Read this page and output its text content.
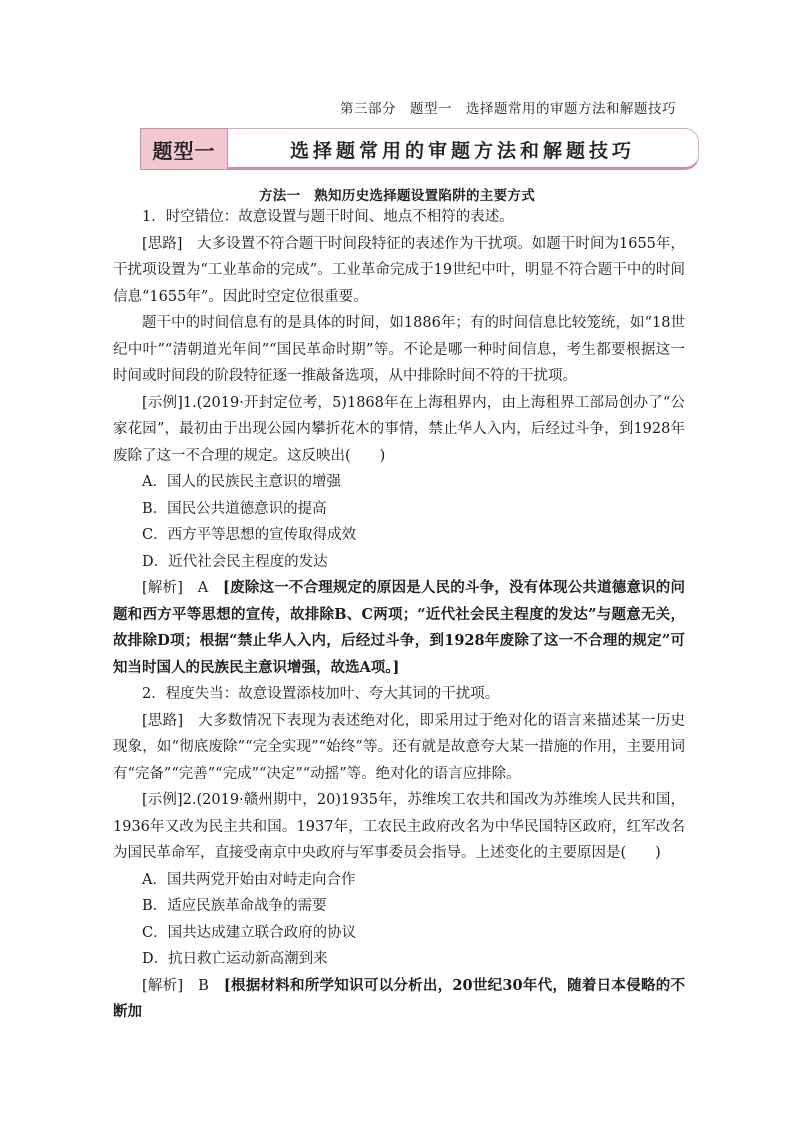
第三部分　题型一　选择题常用的审题方法和解题技巧
题型一	选择题常用的审题方法和解题技巧
方法一　熟知历史选择题设置陷阱的主要方式

1．时空错位：故意设置与题干时间、地点不相符的表述。

[思路]　大多设置不符合题干时间段特征的表述作为干扰项。如题干时间为1655年，干扰项设置为“工业革命的完成”。工业革命完成于19世纪中叶，明显不符合题干中的时间信息“1655年”。因此时空定位很重要。

题干中的时间信息有的是具体的时间，如1886年；有的时间信息比较笼统，如“18世纪中叶”“清朝道光年间”“国民革命时期”等。不论是哪一种时间信息，考生都要根据这一时间或时间段的阶段特征逐一推敲备选项，从中排除时间不符的干扰项。

[示例]1.(2019·开封定位考，5)1868年在上海租界内，由上海租界工部局创办了“公家花园”，最初由于出现公园内攀折花木的事情，禁止华人入内，后经过斗争，到1928年废除了这一不合理的规定。这反映出(　　)

A．国人的民族民主意识的增强

B．国民公共道德意识的提高

C．西方平等思想的宣传取得成效

D．近代社会民主程度的发达

[解析]　A　[废除这一不合理规定的原因是人民的斗争，没有体现公共道德意识的问题和西方平等思想的宣传，故排除B、C两项；“近代社会民主程度的发达”与题意无关，故排除D项；根据“禁止华人入内，后经过斗争，到1928年废除了这一不合理的规定”可知当时国人的民族民主意识增强，故选A项。]

2．程度失当：故意设置添枝加叶、夸大其词的干扰项。

[思路]　大多数情况下表现为表述绝对化，即采用过于绝对化的语言来描述某一历史现象，如“彻底废除”“完全实现”“始终”等。还有就是故意夸大某一措施的作用，主要用词有“完备”“完善”“完成”“决定”“动摇”等。绝对化的语言应排除。

[示例]2.(2019·赣州期中，20)1935年，苏维埃工农共和国改为苏维埃人民共和国，1936年又改为民主共和国。1937年，工农民主政府改名为中华民国特区政府，红军改名为国民革命军，直接受南京中央政府与军事委员会指导。上述变化的主要原因是(　　)

A．国共两党开始由对峙走向合作

B．适应民族革命战争的需要

C．国共达成建立联合政府的协议

D．抗日救亡运动新高潮到来

[解析]　B　[根据材料和所学知识可以分析出，20世纪30年代，随着日本侵略的不断加
